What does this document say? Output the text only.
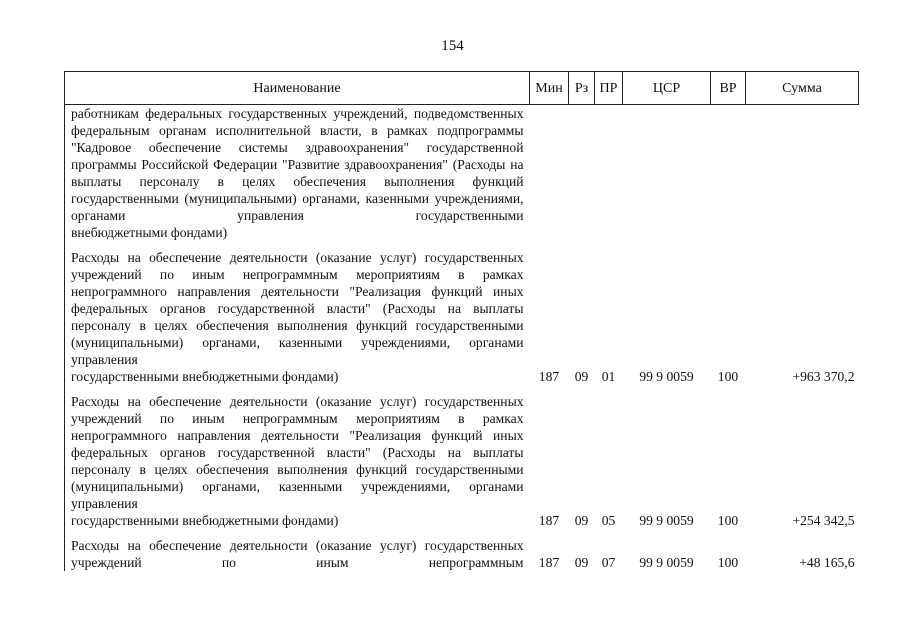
154
Наименование	Мин	Рз	ПР	ЦСР	ВР	Сумма

работникам федеральных государственных учреждений, подведомственных федеральным органам исполнительной власти, в рамках подпрограммы "Кадровое обеспечение системы здравоохранения" государственной программы Российской Федерации "Развитие здравоохранения" (Расходы на выплаты персоналу в целях обеспечения выполнения функций государственными (муниципальными) органами, казенными учреждениями, органами управления государственными
внебюджетными фондами)						

Расходы на обеспечение деятельности (оказание услуг) государственных учреждений по иным непрограммным мероприятиям в рамках непрограммного направления деятельности "Реализация функций иных федеральных органов государственной власти" (Расходы на выплаты персоналу в целях обеспечения выполнения функций государственными (муниципальными) органами, казенными учреждениями, органами управления
государственными внебюджетными фондами)	187	09	01	99 9 0059	100	+963 370,2

Расходы на обеспечение деятельности (оказание услуг) государственных учреждений по иным непрограммным мероприятиям в рамках непрограммного направления деятельности "Реализация функций иных федеральных органов государственной власти" (Расходы на выплаты персоналу в целях обеспечения выполнения функций государственными (муниципальными) органами, казенными учреждениями, органами управления
государственными внебюджетными фондами)	187	09	05	99 9 0059	100	+254 342,5

Расходы на обеспечение деятельности (оказание услуг) государственных учреждений по иным непрограммным	187	09	07	99 9 0059	100	+48 165,6
